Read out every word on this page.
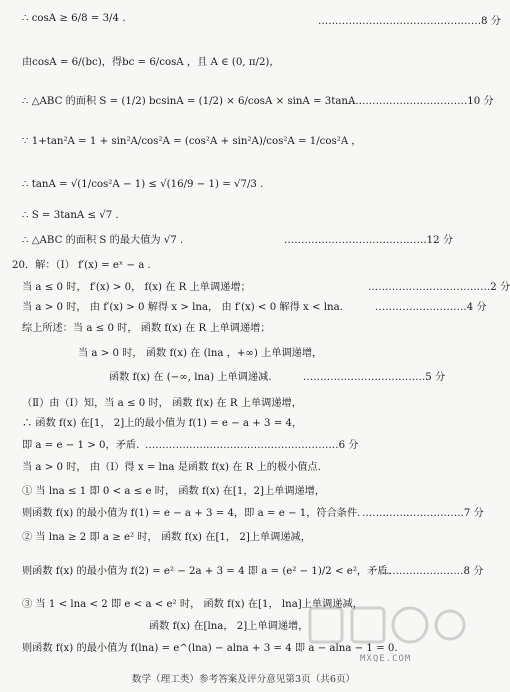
∴ cosA ≥ 6/8 = 3/4 .	…………………………………………8 分
由cosA = 6/(bc)，得bc = 6/cosA ，且 A ∈ (0, π/2)，
∴ △ABC 的面积 S = (1/2) bcsinA = (1/2) × 6/cosA × sinA = 3tanA .
………………………………10 分
∵ 1+tan²A = 1 + sin²A/cos²A = (cos²A + sin²A)/cos²A = 1/cos²A ，
∴ tanA = √(1/cos²A − 1) ≤ √(16/9 − 1) = √7/3 .
∴ S = 3tanA ≤ √7 .
∴ △ABC 的面积 S 的最大值为 √7 .	……………………………………12 分
20．解：（Ⅰ） f′(x) = eˣ − a .
当 a ≤ 0 时， f′(x) > 0， f(x) 在 R 上单调递增；	………………………………2 分
当 a > 0 时， 由 f′(x) > 0 解得 x > lna， 由 f′(x) < 0 解得 x < lna.	………………………4 分
综上所述：当 a ≤ 0 时， 函数 f(x) 在 R 上单调递增；
当 a > 0 时， 函数 f(x) 在 (lna ，+∞) 上单调递增，
函数 f(x) 在 (−∞, lna) 上单调递减.	………………………………5 分
（Ⅱ）由（Ⅰ）知，当 a ≤ 0 时， 函数 f(x) 在 R 上单调递增，
∴ 函数 f(x) 在[1， 2]上的最小值为 f(1) = e − a + 3 = 4，
即 a = e − 1 > 0，矛盾. …………………………………………………6 分
当 a > 0 时， 由（Ⅰ）得 x = lna 是函数 f(x) 在 R 上的极小值点.
① 当 lna ≤ 1 即 0 < a ≤ e 时， 函数 f(x) 在[1，2]上单调递增，
则函数 f(x) 的最小值为 f(1) = e − a + 3 = 4，即 a = e − 1，符合条件. …………………………7 分
② 当 lna ≥ 2 即 a ≥ e² 时， 函数 f(x) 在[1， 2]上单调递减，
则函数 f(x) 的最小值为 f(2) = e² − 2a + 3 = 4 即 a = (e² − 1)/2 < e²，矛盾.
……………………8 分
③ 当 1 < lna < 2 即 e < a < e² 时， 函数 f(x) 在[1， lna]上单调递减，
函数 f(x) 在[lna， 2]上单调递增，
则函数 f(x) 的最小值为 f(lna) = e^(lna) − alna + 3 = 4 即 a − alna − 1 = 0.
数学（理工类）参考答案及评分意见第3页（共6页）
MXQE.COM
